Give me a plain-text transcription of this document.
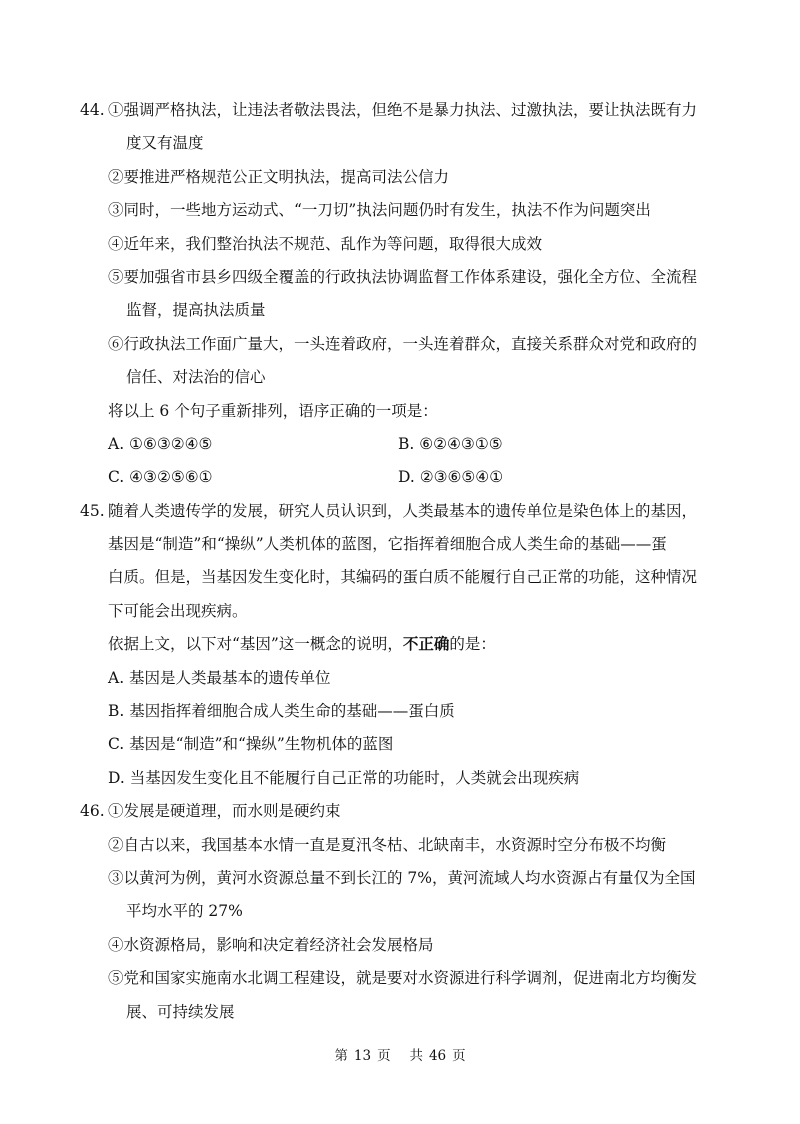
44. ①强调严格执法，让违法者敬法畏法，但绝不是暴力执法、过激执法，要让执法既有力
度又有温度
②要推进严格规范公正文明执法，提高司法公信力
③同时，一些地方运动式、“一刀切”执法问题仍时有发生，执法不作为问题突出
④近年来，我们整治执法不规范、乱作为等问题，取得很大成效
⑤要加强省市县乡四级全覆盖的行政执法协调监督工作体系建设，强化全方位、全流程
监督，提高执法质量
⑥行政执法工作面广量大，一头连着政府，一头连着群众，直接关系群众对党和政府的
信任、对法治的信心
将以上 6 个句子重新排列，语序正确的一项是：
A. ①⑥③②④⑤	B. ⑥②④③①⑤
C. ④③②⑤⑥①	D. ②③⑥⑤④①
45. 随着人类遗传学的发展，研究人员认识到，人类最基本的遗传单位是染色体上的基因，
基因是“制造”和“操纵”人类机体的蓝图，它指挥着细胞合成人类生命的基础——蛋
白质。但是，当基因发生变化时，其编码的蛋白质不能履行自己正常的功能，这种情况
下可能会出现疾病。
依据上文，以下对“基因”这一概念的说明，不正确的是：
A. 基因是人类最基本的遗传单位
B. 基因指挥着细胞合成人类生命的基础——蛋白质
C. 基因是“制造”和“操纵”生物机体的蓝图
D. 当基因发生变化且不能履行自己正常的功能时，人类就会出现疾病
46. ①发展是硬道理，而水则是硬约束
②自古以来，我国基本水情一直是夏汛冬枯、北缺南丰，水资源时空分布极不均衡
③以黄河为例，黄河水资源总量不到长江的 7%，黄河流域人均水资源占有量仅为全国
平均水平的 27%
④水资源格局，影响和决定着经济社会发展格局
⑤党和国家实施南水北调工程建设，就是要对水资源进行科学调剂，促进南北方均衡发
展、可持续发展
第 13 页 共 46 页
